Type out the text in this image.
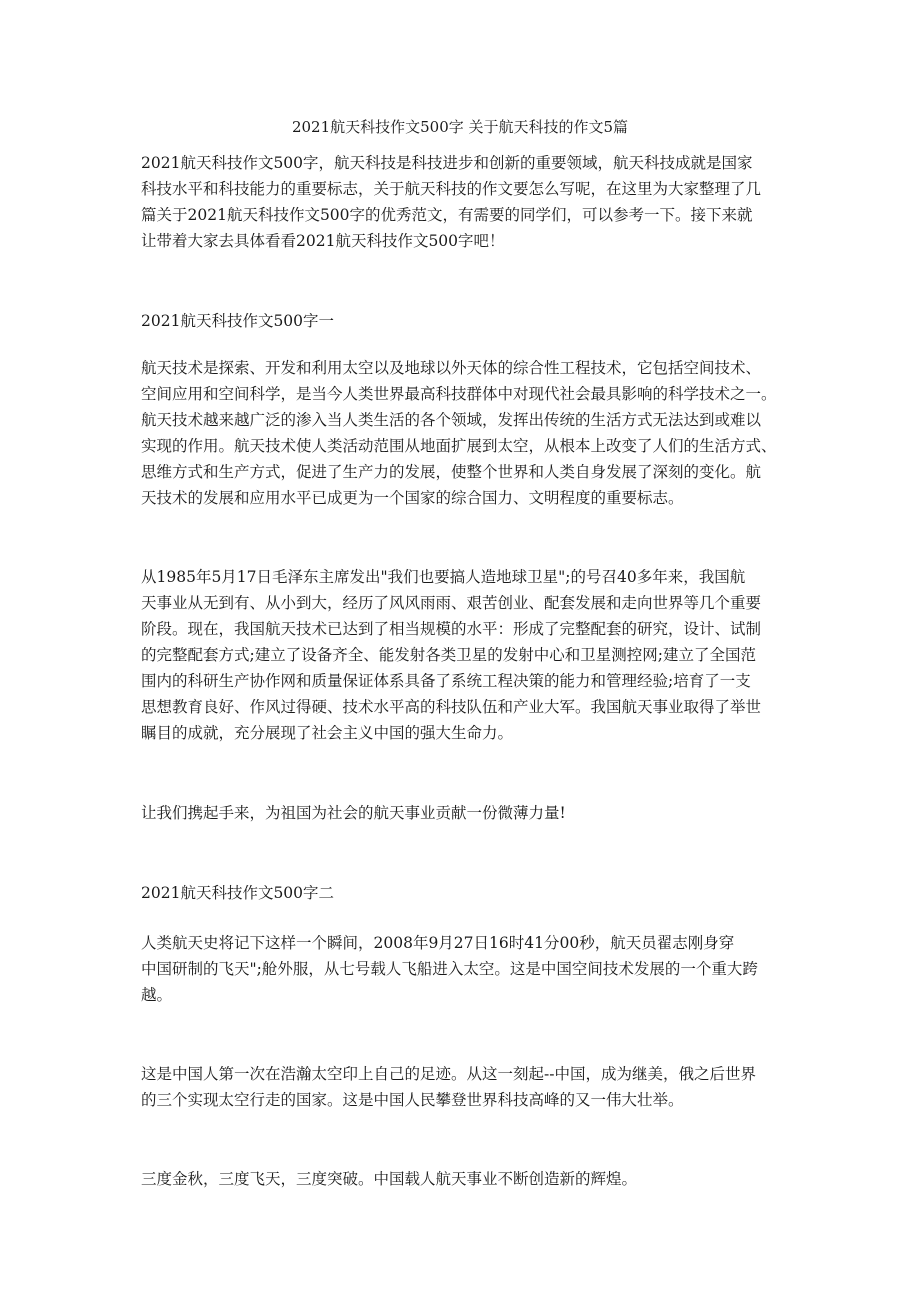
2021航天科技作文500字 关于航天科技的作文5篇
2021航天科技作文500字，航天科技是科技进步和创新的重要领域，航天科技成就是国家
科技水平和科技能力的重要标志，关于航天科技的作文要怎么写呢，在这里为大家整理了几
篇关于2021航天科技作文500字的优秀范文，有需要的同学们，可以参考一下。接下来就
让带着大家去具体看看2021航天科技作文500字吧！
2021航天科技作文500字一
航天技术是探索、开发和利用太空以及地球以外天体的综合性工程技术，它包括空间技术、
空间应用和空间科学，是当今人类世界最高科技群体中对现代社会最具影响的科学技术之一。
航天技术越来越广泛的渗入当人类生活的各个领域，发挥出传统的生活方式无法达到或难以
实现的作用。航天技术使人类活动范围从地面扩展到太空，从根本上改变了人们的生活方式、
思维方式和生产方式，促进了生产力的发展，使整个世界和人类自身发展了深刻的变化。航
天技术的发展和应用水平已成更为一个国家的综合国力、文明程度的重要标志。
从1985年5月17日毛泽东主席发出"我们也要搞人造地球卫星";的号召40多年来，我国航
天事业从无到有、从小到大，经历了风风雨雨、艰苦创业、配套发展和走向世界等几个重要
阶段。现在，我国航天技术已达到了相当规模的水平：形成了完整配套的研究，设计、试制
的完整配套方式;建立了设备齐全、能发射各类卫星的发射中心和卫星测控网;建立了全国范
围内的科研生产协作网和质量保证体系具备了系统工程决策的能力和管理经验;培育了一支
思想教育良好、作风过得硬、技术水平高的科技队伍和产业大军。我国航天事业取得了举世
瞩目的成就，充分展现了社会主义中国的强大生命力。
让我们携起手来，为祖国为社会的航天事业贡献一份微薄力量!
2021航天科技作文500字二
人类航天史将记下这样一个瞬间，2008年9月27日16时41分00秒，航天员翟志刚身穿
中国研制的飞天";舱外服，从七号载人飞船进入太空。这是中国空间技术发展的一个重大跨
越。
这是中国人第一次在浩瀚太空印上自己的足迹。从这一刻起--中国，成为继美，俄之后世界
的三个实现太空行走的国家。这是中国人民攀登世界科技高峰的又一伟大壮举。
三度金秋，三度飞天，三度突破。中国载人航天事业不断创造新的辉煌。
